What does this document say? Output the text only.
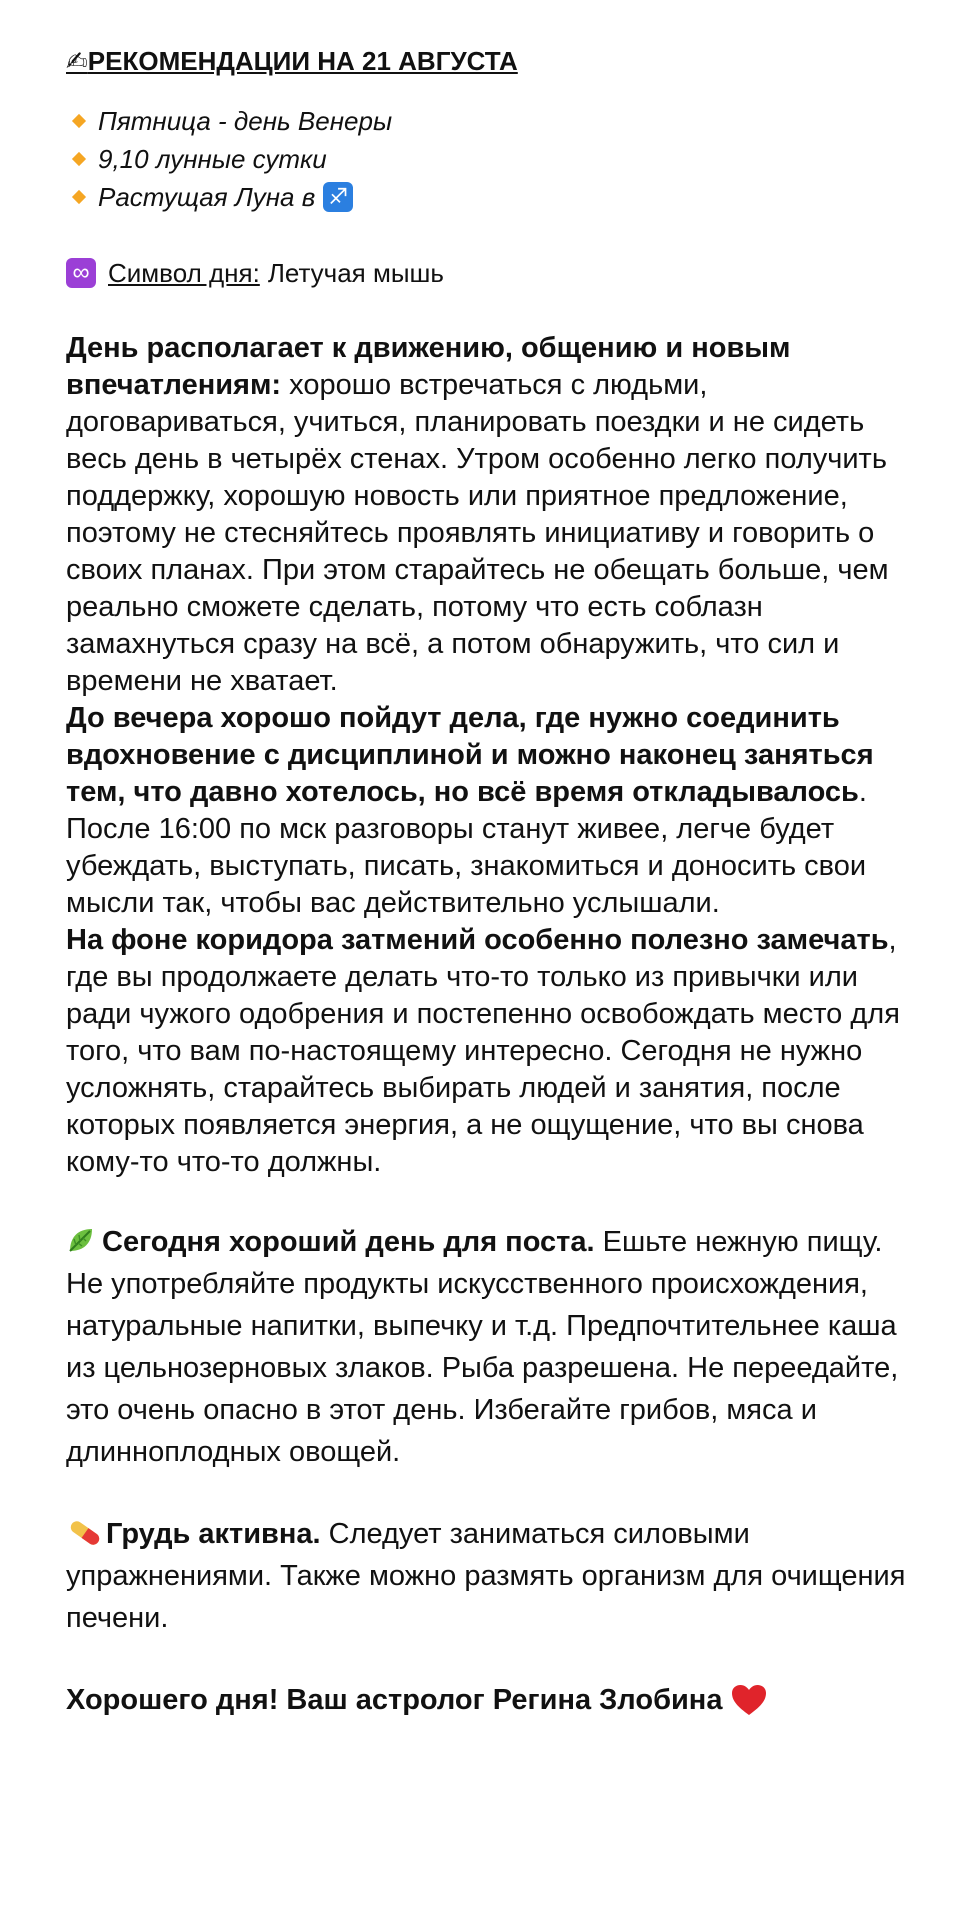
✍РЕКОМЕНДАЦИИ НА 21 АВГУСТА
Пятница - день Венеры
9,10 лунные сутки
Растущая Луна в ♐
∞ Символ дня: Летучая мышь

День располагает к движению, общению и новым впечатлениям: хорошо встречаться с людьми, договариваться, учиться, планировать поездки и не сидеть весь день в четырёх стенах. Утром особенно легко получить поддержку, хорошую новость или приятное предложение, поэтому не стесняйтесь проявлять инициативу и говорить о своих планах. При этом старайтесь не обещать больше, чем реально сможете сделать, потому что есть соблазн замахнуться сразу на всё, а потом обнаружить, что сил и времени не хватает.

До вечера хорошо пойдут дела, где нужно соединить вдохновение с дисциплиной и можно наконец заняться тем, что давно хотелось, но всё время откладывалось. После 16:00 по мск разговоры станут живее, легче будет убеждать, выступать, писать, знакомиться и доносить свои мысли так, чтобы вас действительно услышали.

На фоне коридора затмений особенно полезно замечать, где вы продолжаете делать что-то только из привычки или ради чужого одобрения и постепенно освобождать место для того, что вам по-настоящему интересно. Сегодня не нужно усложнять, старайтесь выбирать людей и занятия, после которых появляется энергия, а не ощущение, что вы снова кому-то что-то должны.

Сегодня хороший день для поста. Ешьте нежную пищу. Не употребляйте продукты искусственного происхождения, натуральные напитки, выпечку и т.д. Предпочтительнее каша из цельнозерновых злаков. Рыба разрешена. Не переедайте, это очень опасно в этот день. Избегайте грибов, мяса и длинноплодных овощей.
Грудь активна. Следует заниматься силовыми упражнениями. Также можно размять организм для очищения печени.
Хорошего дня! Ваш астролог Регина Злобина
